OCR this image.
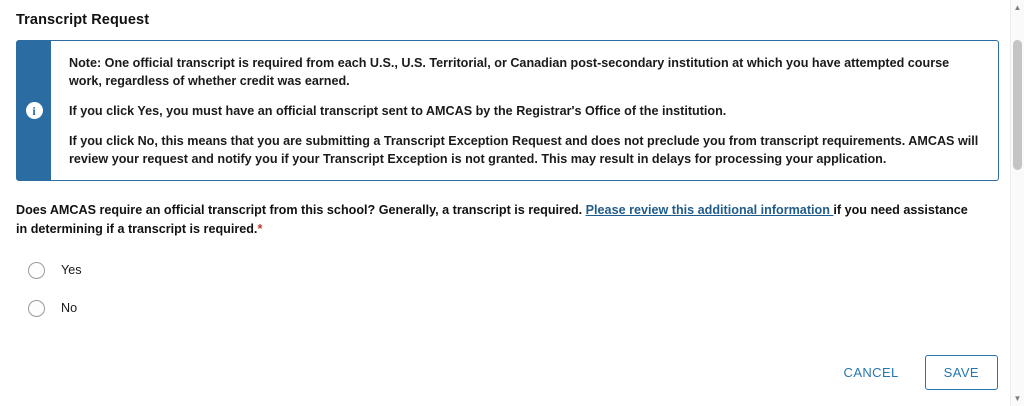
Transcript Request
i

Note: One official transcript is required from each U.S., U.S. Territorial, or Canadian post-secondary institution at which you have attempted course work, regardless of whether credit was earned.

If you click Yes, you must have an official transcript sent to AMCAS by the Registrar's Office of the institution.

If you click No, this means that you are submitting a Transcript Exception Request and does not preclude you from transcript requirements. AMCAS will review your request and notify you if your Transcript Exception is not granted. This may result in delays for processing your application.

Does AMCAS require an official transcript from this school? Generally, a transcript is required. Please review this additional information if you need assistance in determining if a transcript is required.*
Yes
No
CANCEL	SAVE
▲
▼
